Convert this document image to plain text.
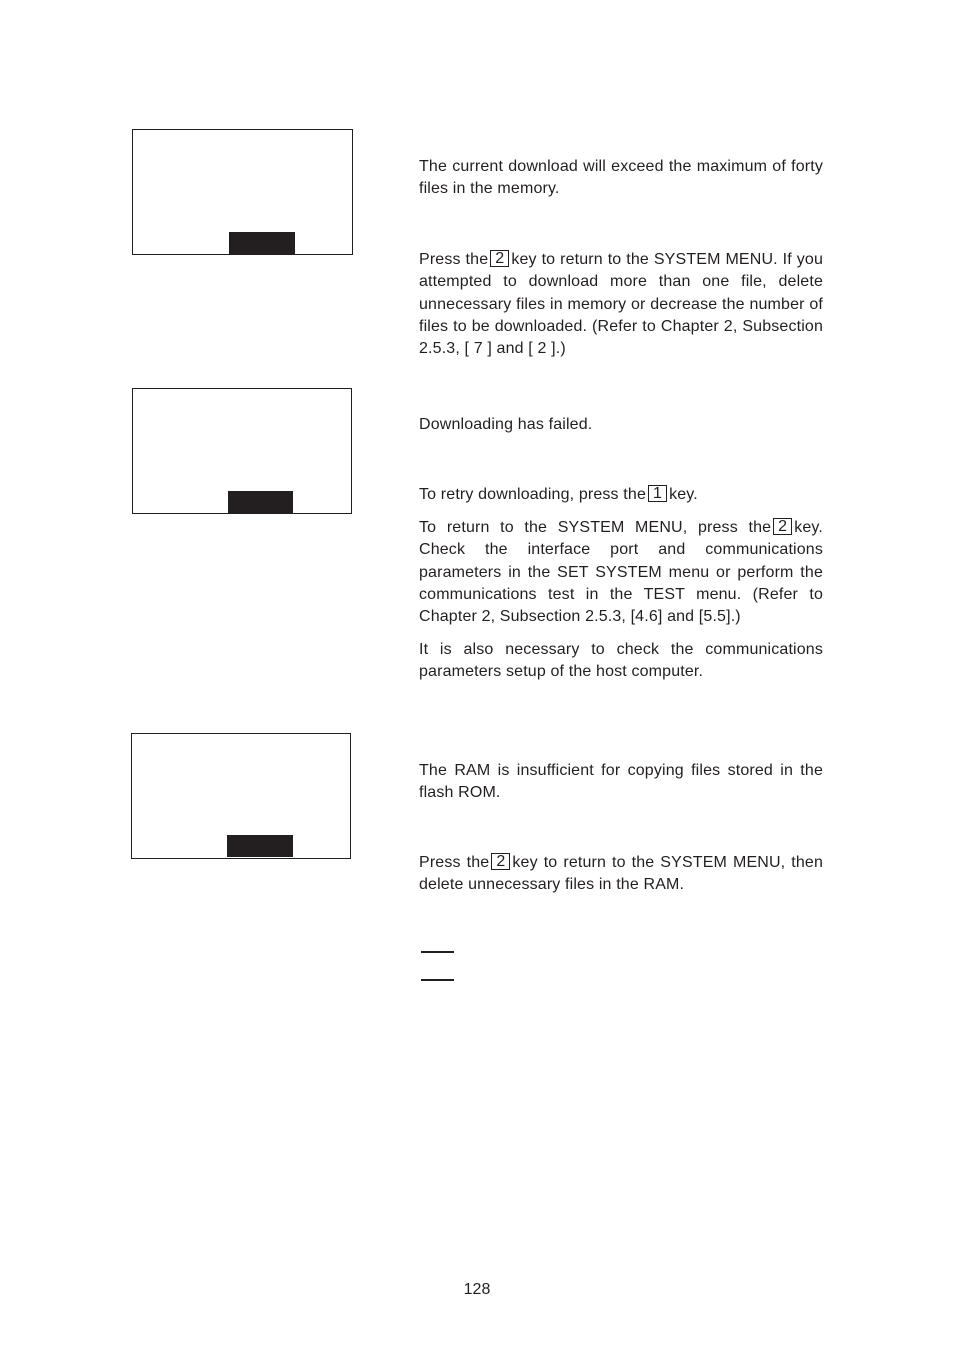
The current download will exceed the maximum of forty files in the memory.

Press the 2 key to return to the SYSTEM MENU. If you attempted to download more than one file, delete unnecessary files in memory or decrease the number of files to be downloaded. (Refer to Chapter 2, Subsection 2.5.3, [ 7 ] and [ 2 ].)

Downloading has failed.

To retry downloading, press the 1 key.

To return to the SYSTEM MENU, press the 2 key. Check the interface port and communications parameters in the SET SYSTEM menu or perform the communications test in the TEST menu. (Refer to Chapter 2, Subsection 2.5.3, [4.6] and [5.5].)

It is also necessary to check the communications parameters setup of the host computer.

The RAM is insufficient for copying files stored in the flash ROM.

Press the 2 key to return to the SYSTEM MENU, then delete unnecessary files in the RAM.

128
